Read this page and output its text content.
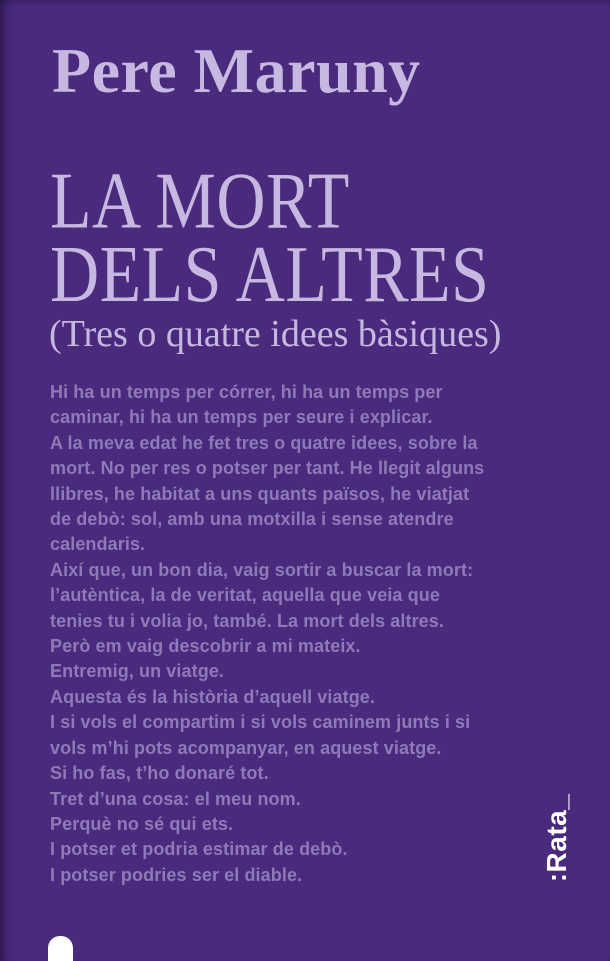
Pere Maruny
LA MORT
DELS ALTRES
(Tres o quatre idees bàsiques)
Hi ha un temps per córrer, hi ha un temps per
caminar, hi ha un temps per seure i explicar.
A la meva edat he fet tres o quatre idees, sobre la
mort. No per res o potser per tant. He llegit alguns
llibres, he habitat a uns quants països, he viatjat
de debò: sol, amb una motxilla i sense atendre
calendaris.
Així que, un bon dia, vaig sortir a buscar la mort:
l’autèntica, la de veritat, aquella que veia que
tenies tu i volia jo, també. La mort dels altres.
Però em vaig descobrir a mi mateix.
Entremig, un viatge.
Aquesta és la història d’aquell viatge.
I si vols el compartim i si vols caminem junts i si
vols m’hi pots acompanyar, en aquest viatge.
Si ho fas, t’ho donaré tot.
Tret d’una cosa: el meu nom.
Perquè no sé qui ets.
I potser et podria estimar de debò.
I potser podries ser el diable.	:Rata_
